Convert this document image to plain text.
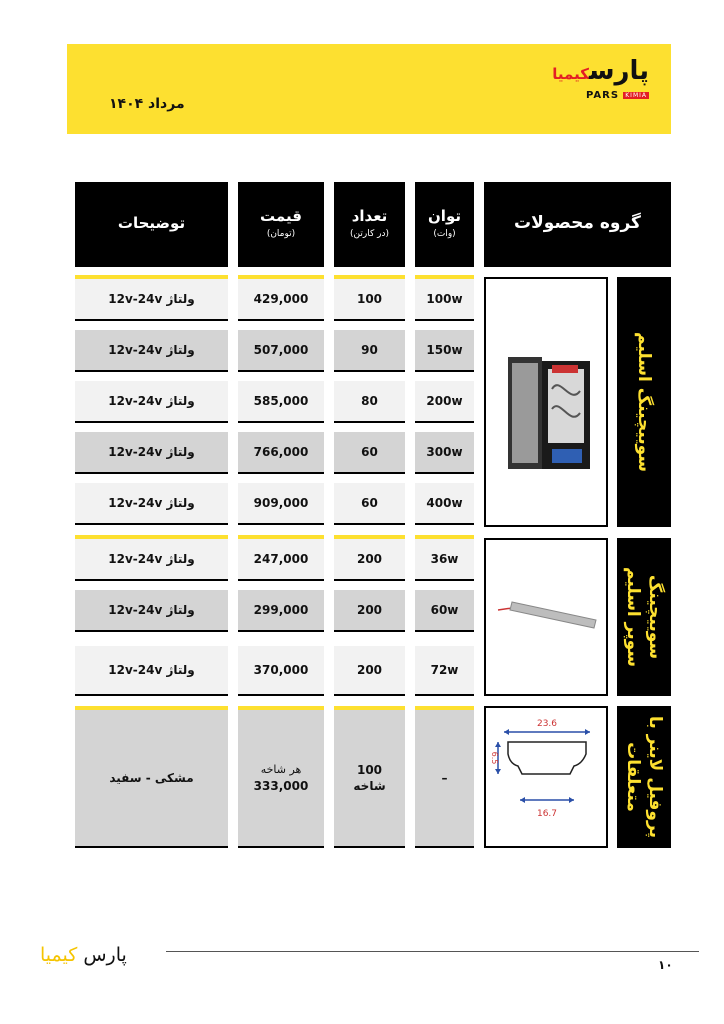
مرداد ۱۴۰۴
پارسکیمیا
PARS KIMIA
گروه محصولات
توان
(وات)
تعداد
(در کارتن)
قیمت
(تومان)
توضیحات
100w
100
429,000
ولتاژ 12v-24v
150w
90
507,000
ولتاژ 12v-24v
200w
80
585,000
ولتاژ 12v-24v
300w
60
766,000
ولتاژ 12v-24v
400w
60
909,000
ولتاژ 12v-24v
36w
200
247,000
ولتاژ 12v-24v
60w
200
299,000
ولتاژ 12v-24v
72w
200
370,000
ولتاژ 12v-24v
–
100
شاخه
هر شاخه
333,000
مشکی - سفید
23.6
6.5
16.7
سوییچینگ اسلیم
سوییچینگ
سوپر اسلیم
پروفیل لاینر با
متعلقات
پارس کیمیا	۱۰
